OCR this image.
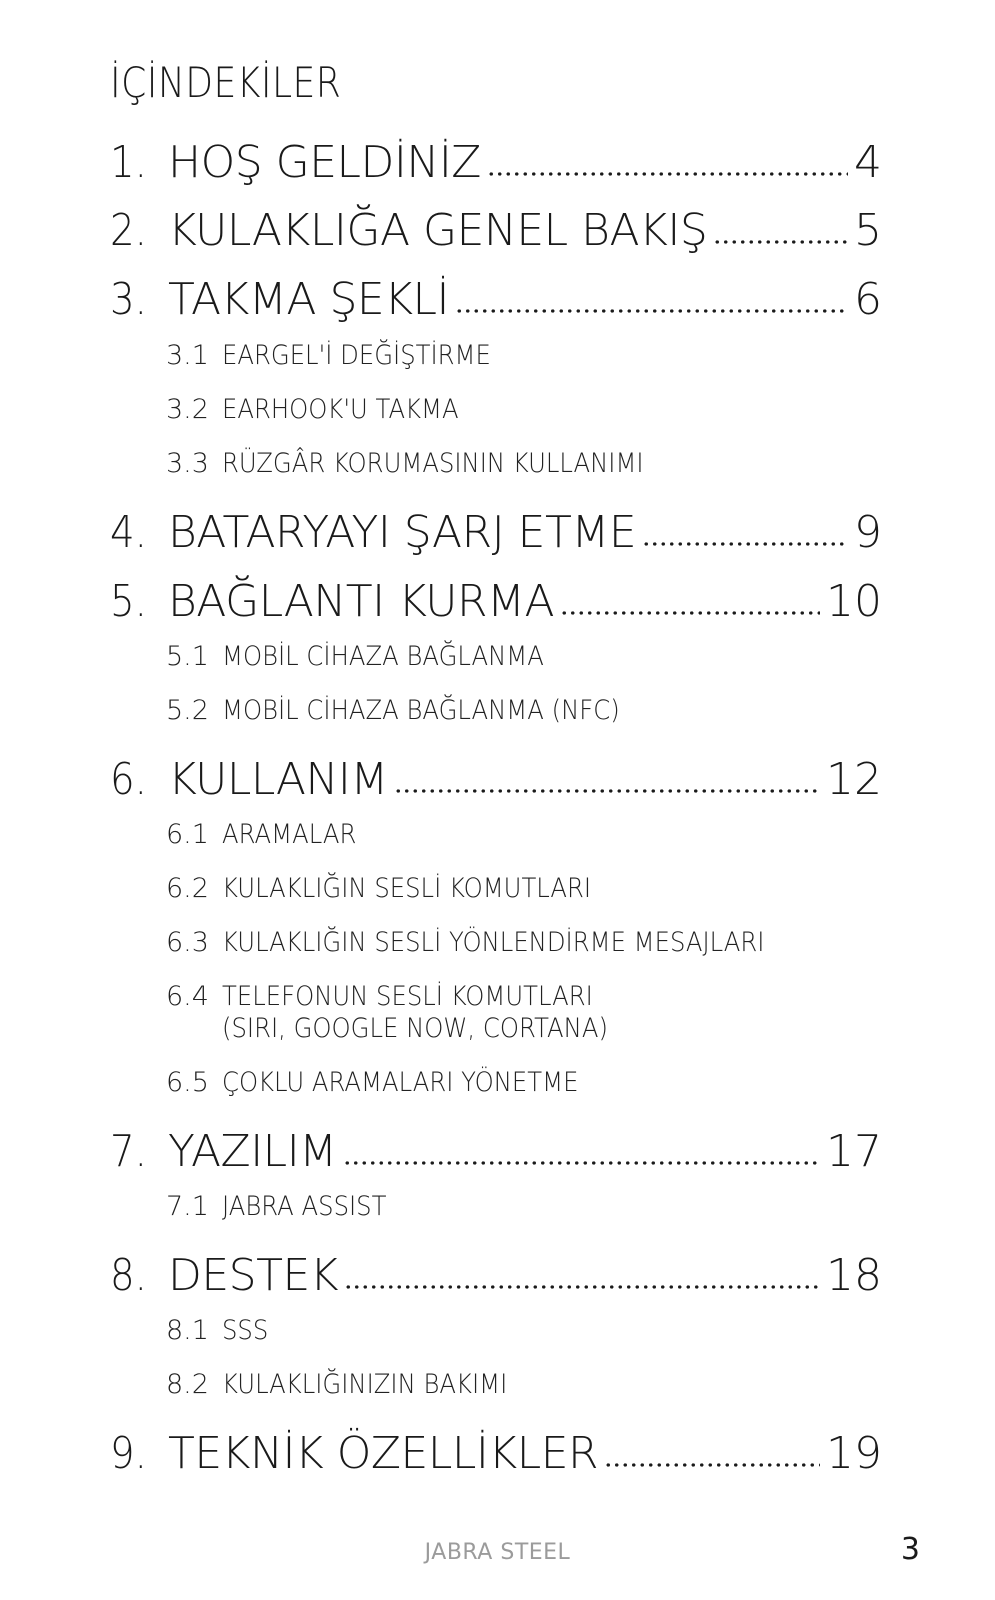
İÇİNDEKİLER
1. HOŞ GELDİNİZ	4
2. KULAKLIĞA GENEL BAKIŞ	5
3. TAKMA ŞEKLİ	6
3.1 EARGEL'İ DEĞİŞTİRME
3.2 EARHOOK'U TAKMA
3.3 RÜZGÂR KORUMASININ KULLANIMI
4. BATARYAYI ŞARJ ETME	9
5. BAĞLANTI KURMA	10
5.1 MOBİL CİHAZA BAĞLANMA
5.2 MOBİL CİHAZA BAĞLANMA (NFC)
6. KULLANIM	12
6.1 ARAMALAR
6.2 KULAKLIĞIN SESLİ KOMUTLARI
6.3 KULAKLIĞIN SESLİ YÖNLENDİRME MESAJLARI
6.4 TELEFONUN SESLİ KOMUTLARI
(SIRI, GOOGLE NOW, CORTANA)
6.5 ÇOKLU ARAMALARI YÖNETME
7. YAZILIM	17
7.1 JABRA ASSIST
8. DESTEK	18
8.1 SSS
8.2 KULAKLIĞINIZIN BAKIMI
9. TEKNİK ÖZELLİKLER	19
JABRA STEEL	3
